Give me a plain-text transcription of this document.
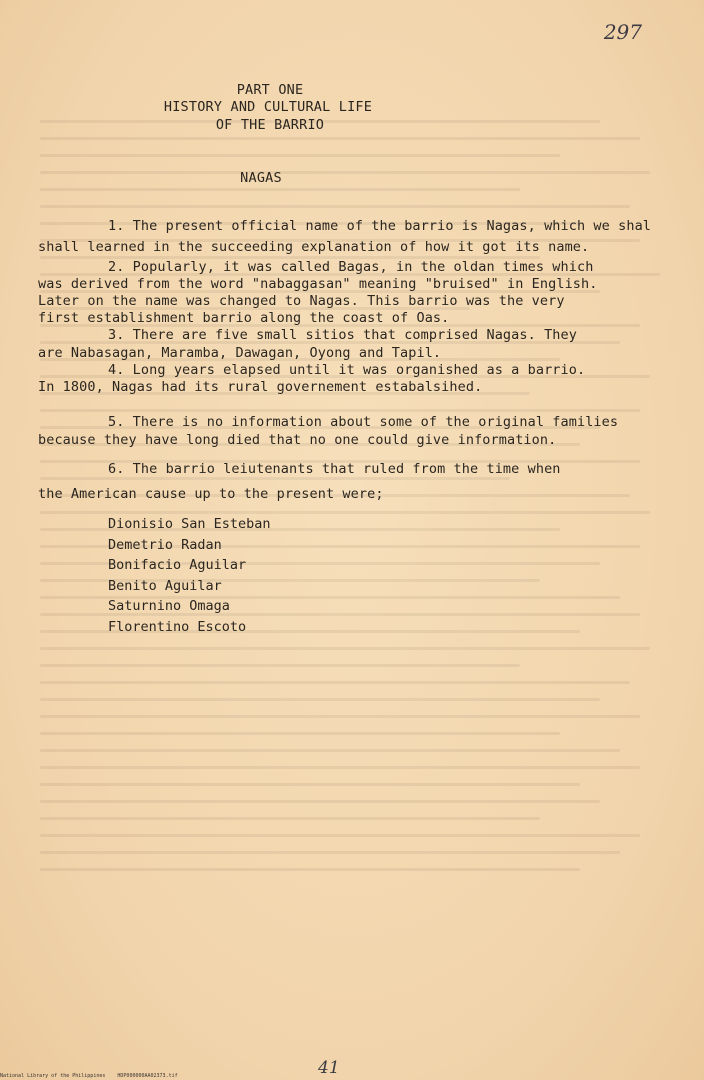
297
PART ONE
HISTORY AND CULTURAL LIFE
OF THE BARRIO
NAGAS
1. The present official name of the barrio is Nagas, which we shal
shall learned in the succeeding explanation of how it got its name.
2. Popularly, it was called Bagas, in the oldan times which
was derived from the word "nabaggasan" meaning "bruised" in English.
Later on the name was changed to Nagas. This barrio was the very
first establishment barrio along the coast of Oas.
3. There are five small sitios that comprised Nagas. They
are Nabasagan, Maramba, Dawagan, Oyong and Tapil.
4. Long years elapsed until it was organished as a barrio.
In 1800, Nagas had its rural governement estabalsihed.
5. There is no information about some of the original families
because they have long died that no one could give information.
6. The barrio leiutenants that ruled from the time when
the American cause up to the present were;
Dionisio San Esteban
Demetrio Radan
Bonifacio Aguilar
Benito Aguilar
Saturnino Omaga
Florentino Escoto
41
National Library of the Philippines    HDP000000AA02373.tif
